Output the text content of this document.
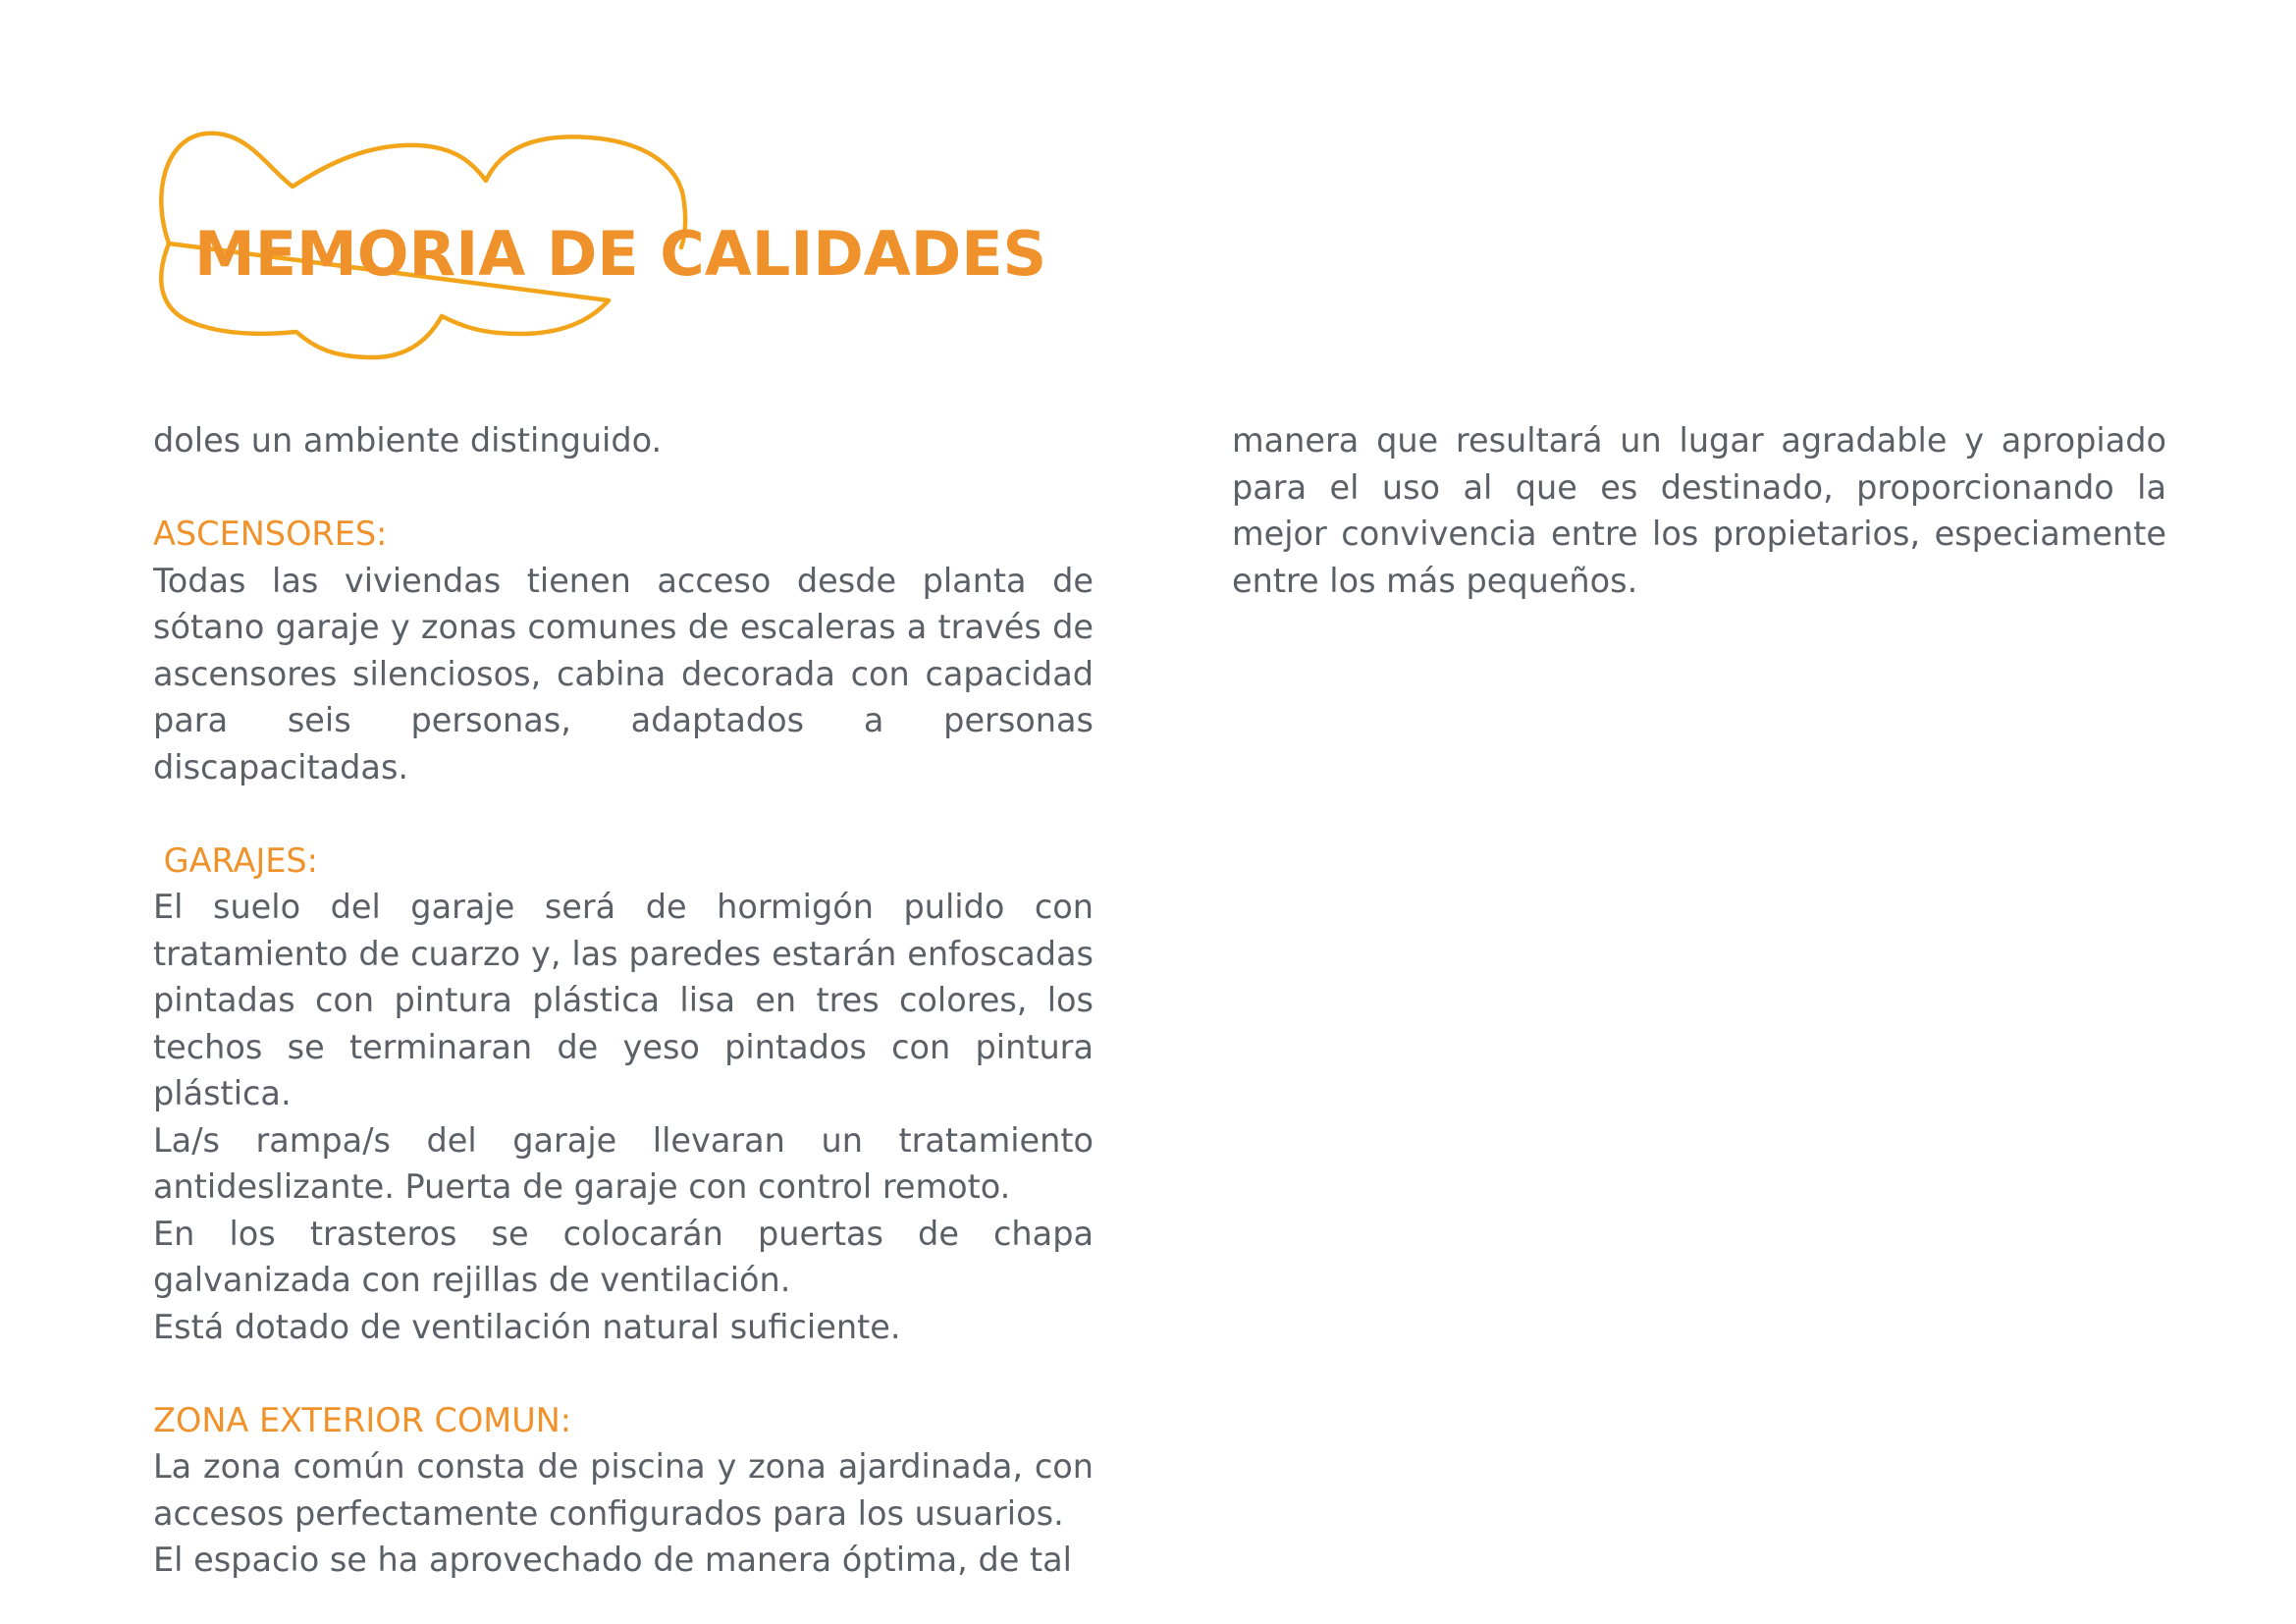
MEMORIA DE CALIDADES

doles un ambiente distinguido.

ASCENSORES:

Todas las viviendas tienen acceso desde planta de sótano garaje y zonas comunes de escaleras a través de ascensores silenciosos, cabina decorada con capacidad para seis personas, adaptados a personas discapacitadas.

GARAJES:

El suelo del garaje será de hormigón pulido con tratamiento de cuarzo y, las paredes estarán enfoscadas pintadas con pintura plástica lisa en tres colores, los techos se terminaran de yeso pintados con pintura plástica.

La/s rampa/s del garaje llevaran un tratamiento antideslizante. Puerta de garaje con control remoto.

En los trasteros se colocarán puertas de chapa galvanizada con rejillas de ventilación.

Está dotado de ventilación natural suficiente.

ZONA EXTERIOR COMUN:

La zona común consta de piscina y zona ajardinada, con accesos perfectamente configurados para los usuarios.

El espacio se ha aprovechado de manera óptima, de tal

manera que resultará un lugar agradable y apropiado para el uso al que es destinado, proporcionando la mejor convivencia entre los propietarios, especiamente entre los más pequeños.
